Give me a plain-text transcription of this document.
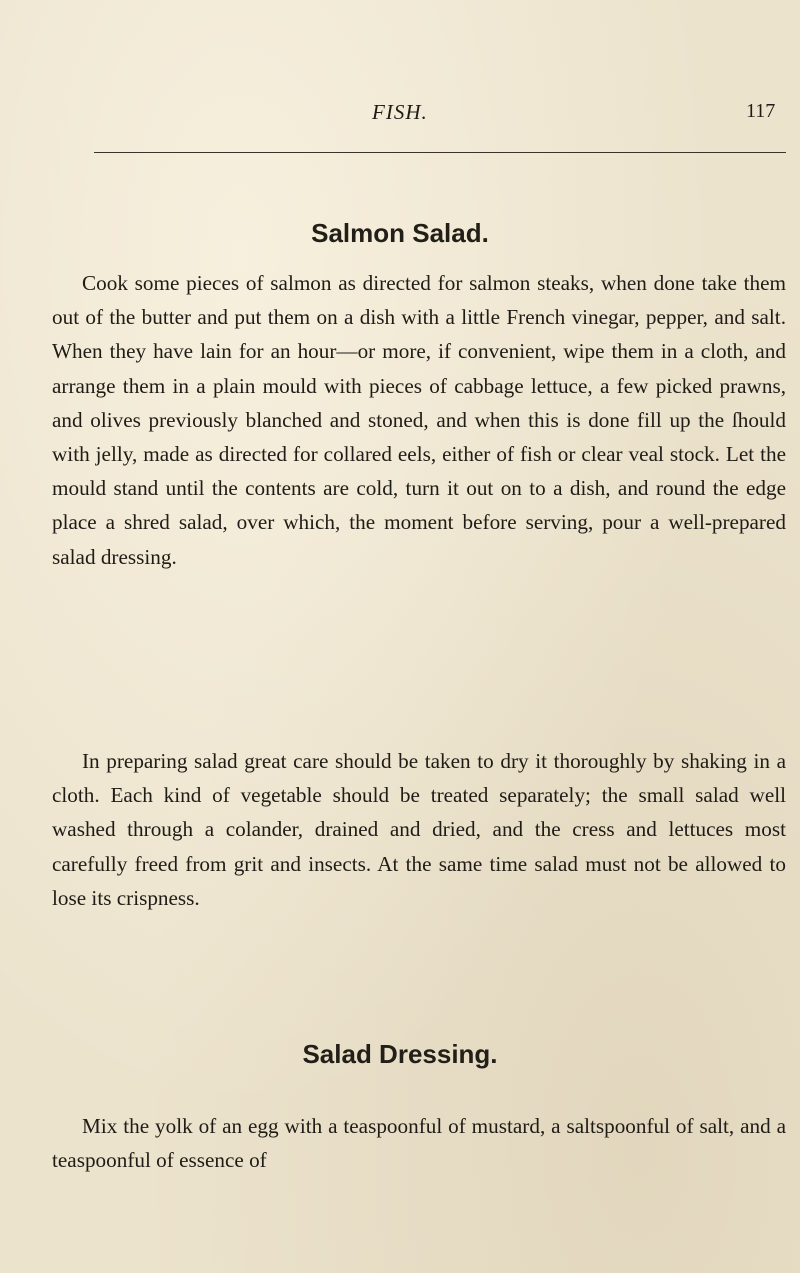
FISH.	117
Salmon Salad.

Cook some pieces of salmon as directed for salmon steaks, when done take them out of the butter and put them on a dish with a little French vinegar, pepper, and salt. When they have lain for an hour—or more, if convenient, wipe them in a cloth, and arrange them in a plain mould with pieces of cabbage lettuce, a few picked prawns, and olives previously blanched and stoned, and when this is done fill up the ſhould with jelly, made as directed for collared eels, either of fish or clear veal stock. Let the mould stand until the contents are cold, turn it out on to a dish, and round the edge place a shred salad, over which, the moment before serving, pour a well-prepared salad dressing.

In preparing salad great care should be taken to dry it thoroughly by shaking in a cloth. Each kind of vegetable should be treated separately; the small salad well washed through a colander, drained and dried, and the cress and lettuces most carefully freed from grit and insects. At the same time salad must not be allowed to lose its crispness.

Salad Dressing.

Mix the yolk of an egg with a teaspoonful of mustard, a saltspoonful of salt, and a teaspoonful of essence of
